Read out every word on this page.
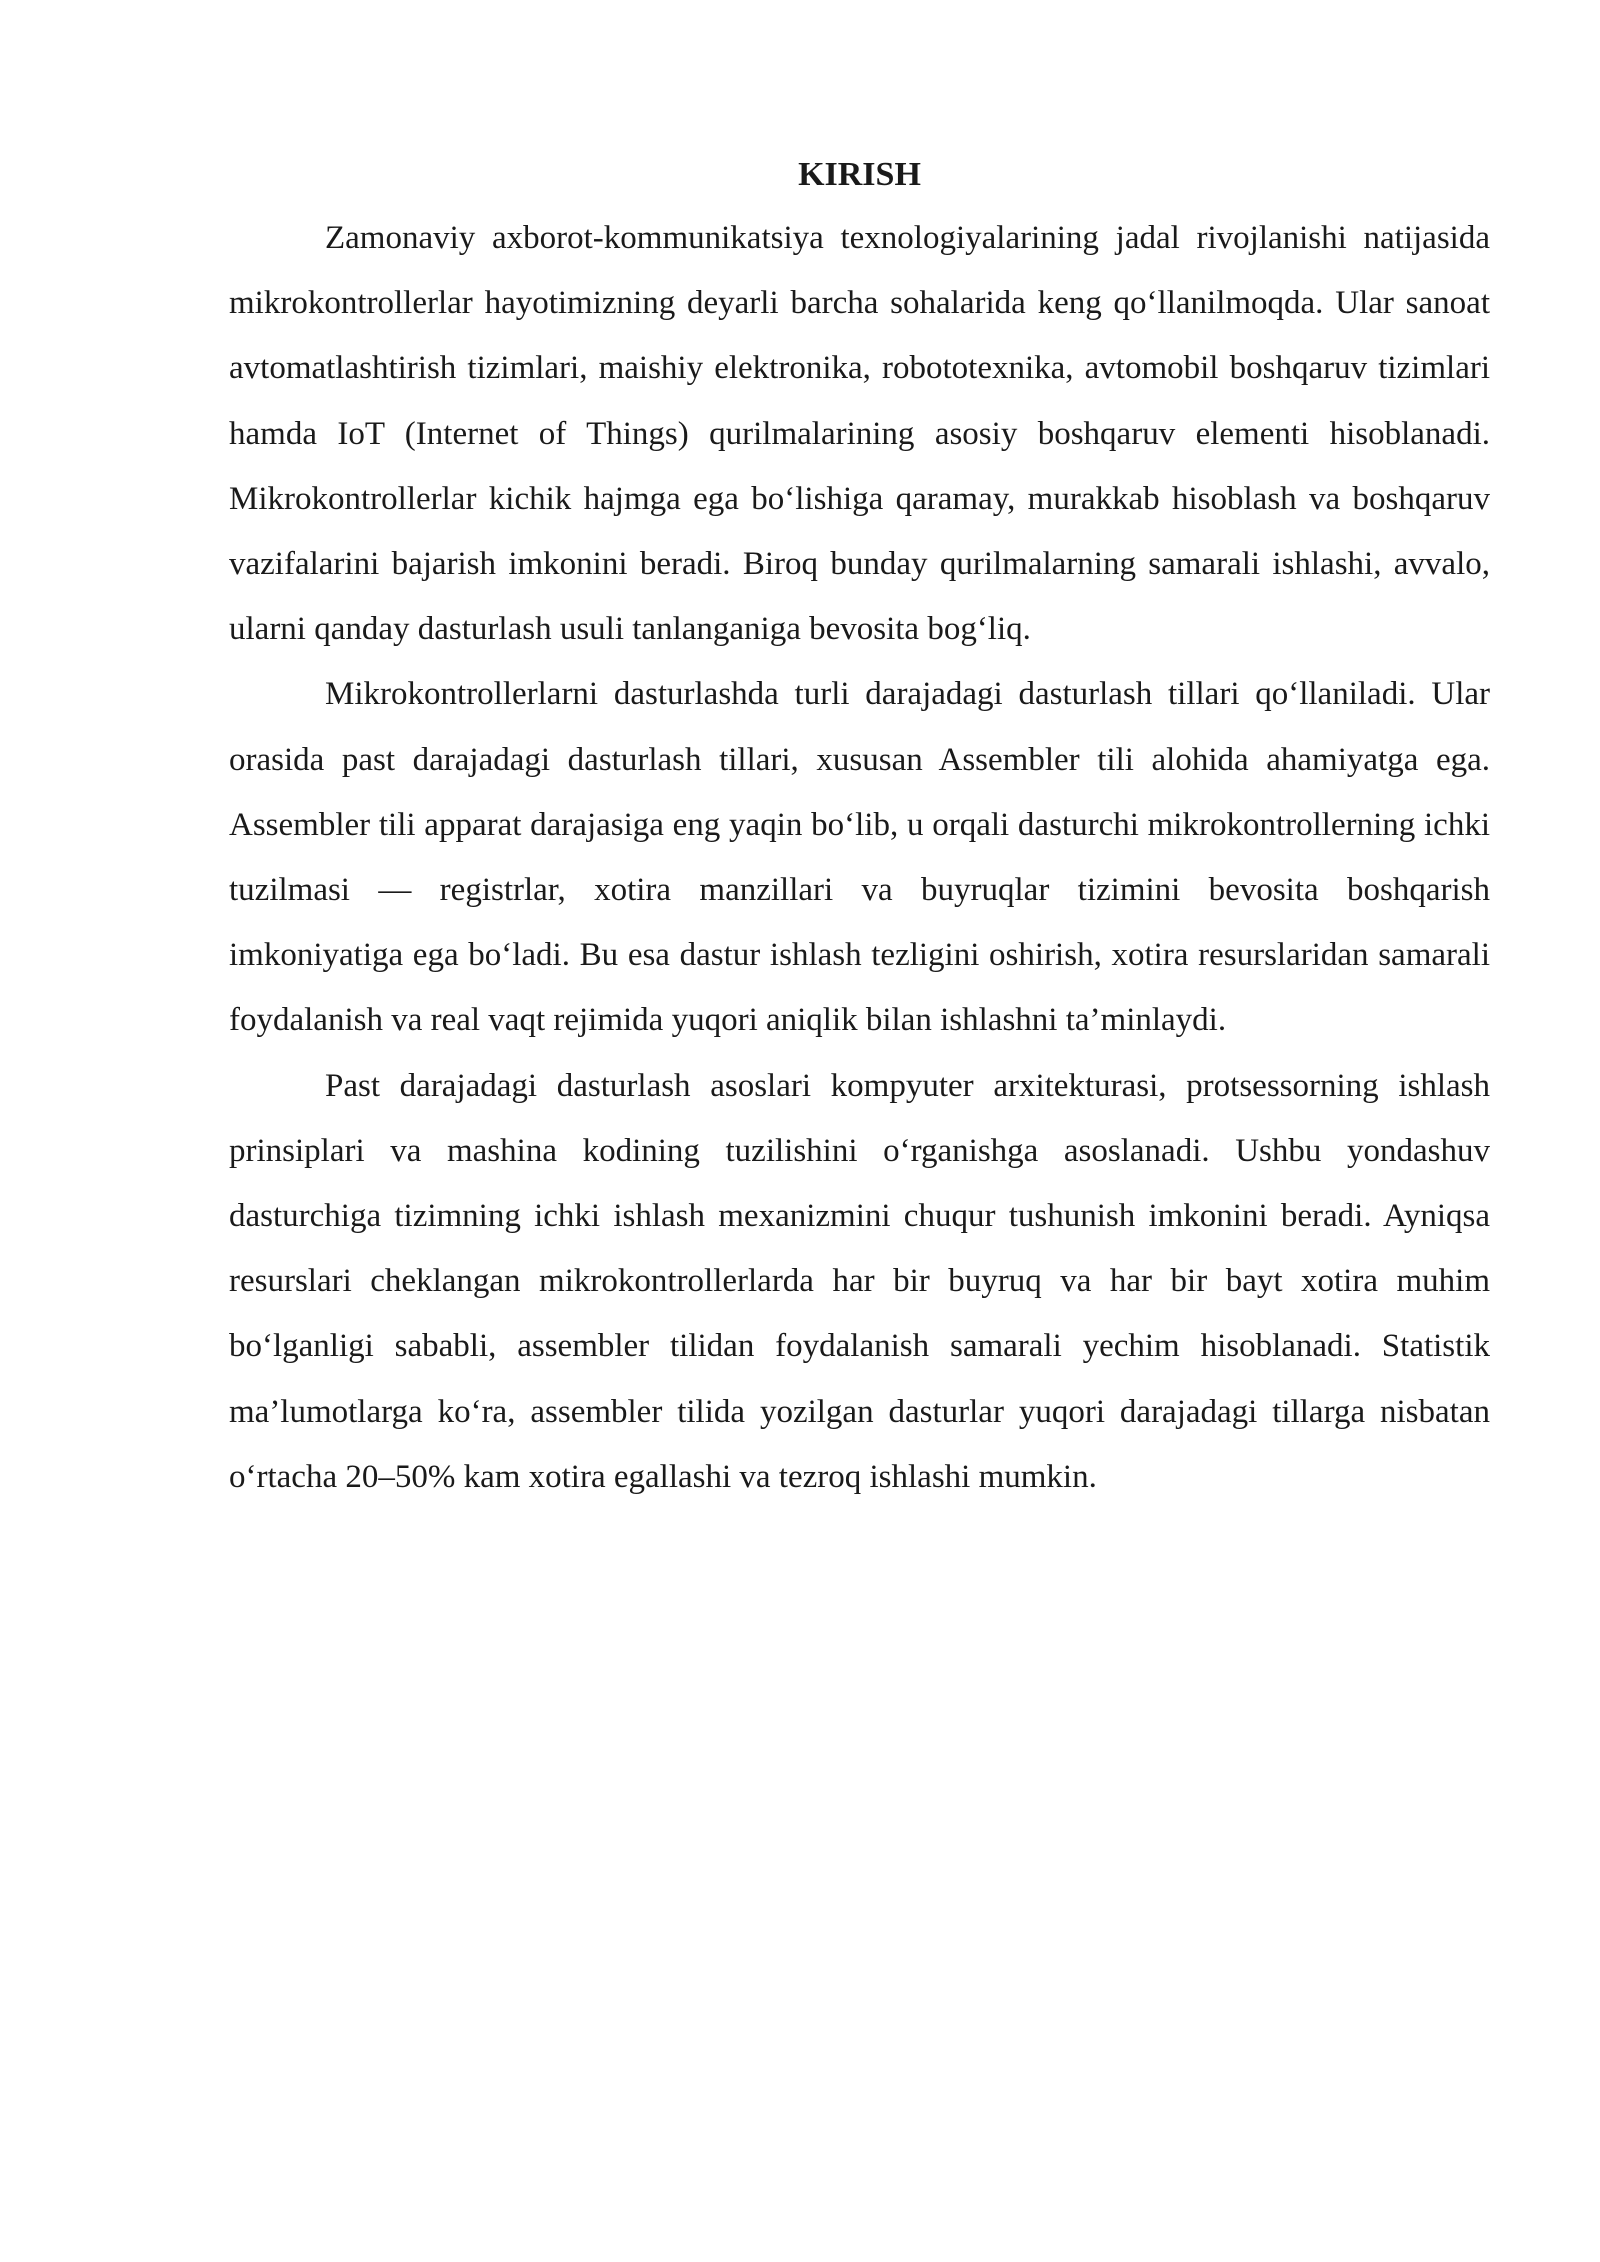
KIRISH

Zamonaviy axborot-kommunikatsiya texnologiyalarining jadal rivojlanishi natijasida mikrokontrollerlar hayotimizning deyarli barcha sohalarida keng qo‘llanilmoqda. Ular sanoat avtomatlashtirish tizimlari, maishiy elektronika, robototexnika, avtomobil boshqaruv tizimlari hamda IoT (Internet of Things) qurilmalarining asosiy boshqaruv elementi hisoblanadi. Mikrokontrollerlar kichik hajmga ega bo‘lishiga qaramay, murakkab hisoblash va boshqaruv vazifalarini bajarish imkonini beradi. Biroq bunday qurilmalarning samarali ishlashi, avvalo, ularni qanday dasturlash usuli tanlanganiga bevosita bog‘liq.

Mikrokontrollerlarni dasturlashda turli darajadagi dasturlash tillari qo‘llaniladi. Ular orasida past darajadagi dasturlash tillari, xususan Assembler tili alohida ahamiyatga ega. Assembler tili apparat darajasiga eng yaqin bo‘lib, u orqali dasturchi mikrokontrollerning ichki tuzilmasi — registrlar, xotira manzillari va buyruqlar tizimini bevosita boshqarish imkoniyatiga ega bo‘ladi. Bu esa dastur ishlash tezligini oshirish, xotira resurslaridan samarali foydalanish va real vaqt rejimida yuqori aniqlik bilan ishlashni ta’minlaydi.

Past darajadagi dasturlash asoslari kompyuter arxitekturasi, protsessorning ishlash prinsiplari va mashina kodining tuzilishini o‘rganishga asoslanadi. Ushbu yondashuv dasturchiga tizimning ichki ishlash mexanizmini chuqur tushunish imkonini beradi. Ayniqsa resurslari cheklangan mikrokontrollerlarda har bir buyruq va har bir bayt xotira muhim bo‘lganligi sababli, assembler tilidan foydalanish samarali yechim hisoblanadi. Statistik ma’lumotlarga ko‘ra, assembler tilida yozilgan dasturlar yuqori darajadagi tillarga nisbatan o‘rtacha 20–50% kam xotira egallashi va tezroq ishlashi mumkin.
